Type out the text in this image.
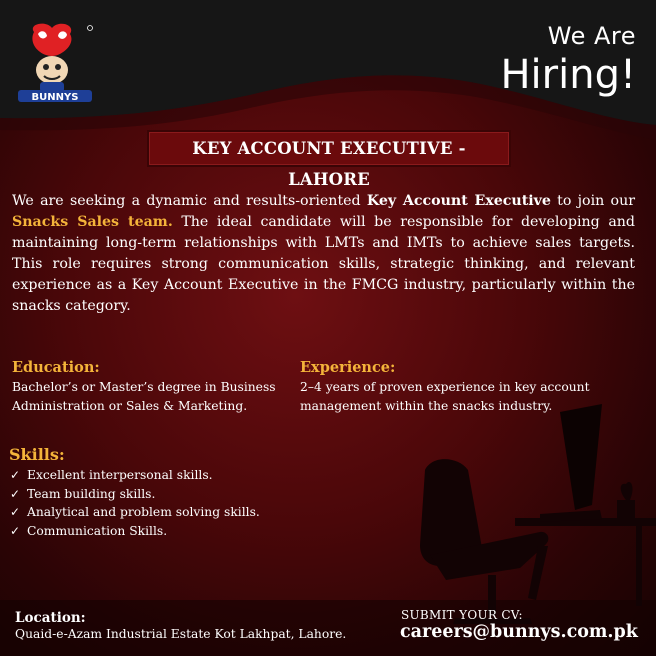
BUNNYS
We Are
Hiring!
KEY ACCOUNT EXECUTIVE - LAHORE
We are seeking a dynamic and results-oriented Key Account Executive to join our Snacks Sales team. The ideal candidate will be responsible for developing and maintaining long-term relationships with LMTs and IMTs to achieve sales targets. This role requires strong communication skills, strategic thinking, and relevant experience as a Key Account Executive in the FMCG industry, particularly within the snacks category.
Education:
Bachelor’s or Master’s degree in Business
Administration or Sales & Marketing.
Experience:
2–4 years of proven experience in key account
management within the snacks industry.
Skills:
✓ Excellent interpersonal skills.
✓ Team building skills.
✓ Analytical and problem solving skills.
✓ Communication Skills.
Location:
Quaid-e-Azam Industrial Estate Kot Lakhpat, Lahore.
SUBMIT YOUR CV:
careers@bunnys.com.pk
